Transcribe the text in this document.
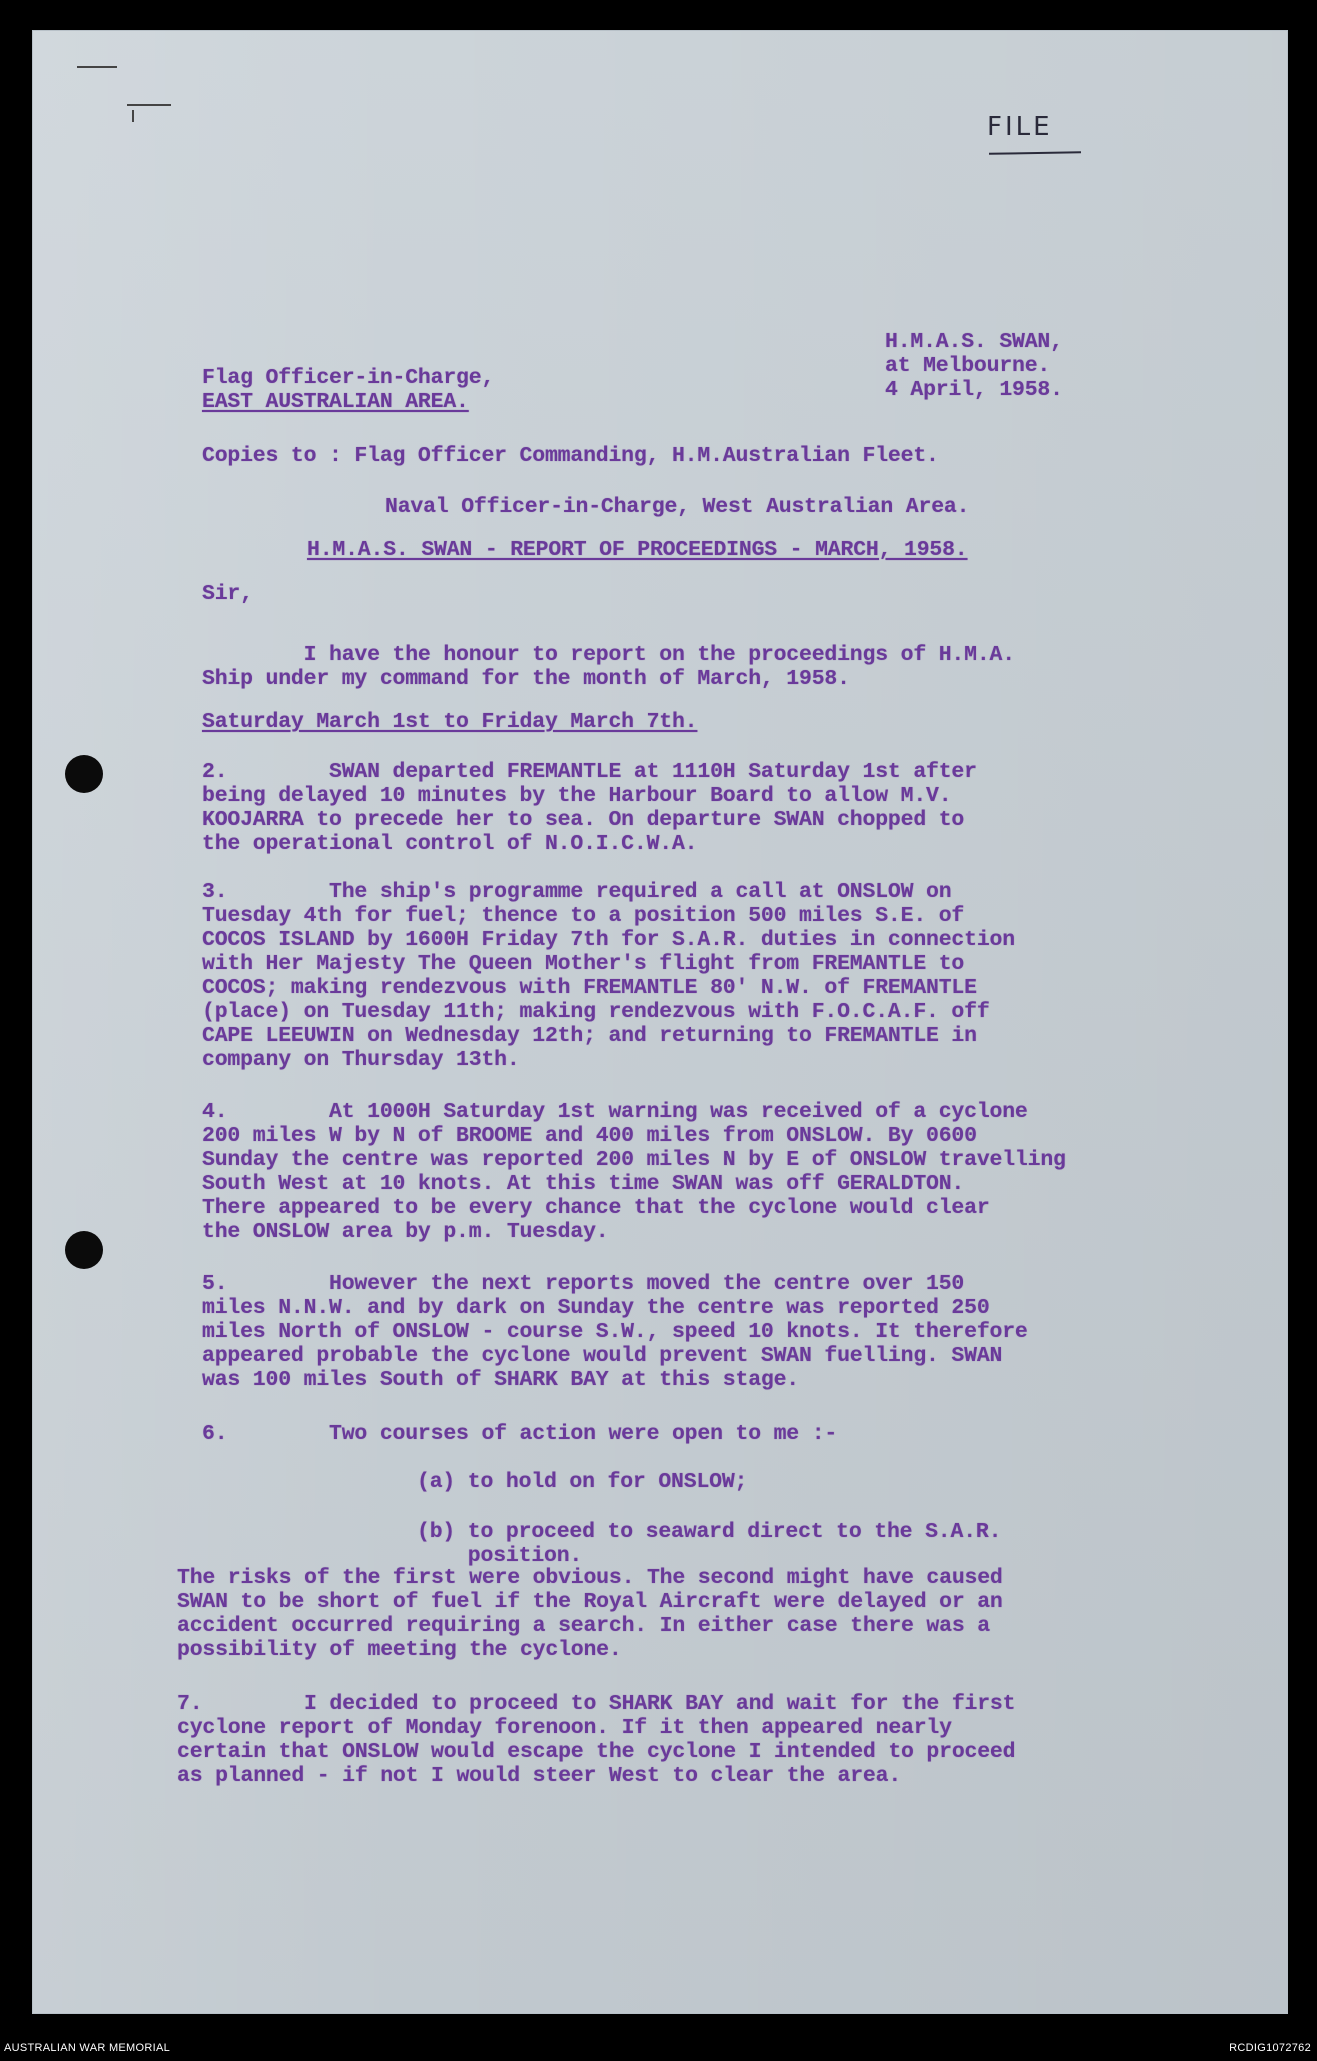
FILE
H.M.A.S. SWAN,
at Melbourne.
4 April, 1958.
Flag Officer-in-Charge,
EAST AUSTRALIAN AREA.
Copies to : Flag Officer Commanding, H.M.Australian Fleet.
Naval Officer-in-Charge, West Australian Area.
H.M.A.S. SWAN - REPORT OF PROCEEDINGS - MARCH, 1958.
Sir,
I have the honour to report on the proceedings of H.M.A.
Ship under my command for the month of March, 1958.
Saturday March 1st to Friday March 7th.
2.        SWAN departed FREMANTLE at 1110H Saturday 1st after
being delayed 10 minutes by the Harbour Board to allow M.V.
KOOJARRA to precede her to sea. On departure SWAN chopped to
the operational control of N.O.I.C.W.A.
3.        The ship's programme required a call at ONSLOW on
Tuesday 4th for fuel; thence to a position 500 miles S.E. of
COCOS ISLAND by 1600H Friday 7th for S.A.R. duties in connection
with Her Majesty The Queen Mother's flight from FREMANTLE to
COCOS; making rendezvous with FREMANTLE 80' N.W. of FREMANTLE
(place) on Tuesday 11th; making rendezvous with F.O.C.A.F. off
CAPE LEEUWIN on Wednesday 12th; and returning to FREMANTLE in
company on Thursday 13th.
4.        At 1000H Saturday 1st warning was received of a cyclone
200 miles W by N of BROOME and 400 miles from ONSLOW. By 0600
Sunday the centre was reported 200 miles N by E of ONSLOW travelling
South West at 10 knots. At this time SWAN was off GERALDTON.
There appeared to be every chance that the cyclone would clear
the ONSLOW area by p.m. Tuesday.
5.        However the next reports moved the centre over 150
miles N.N.W. and by dark on Sunday the centre was reported 250
miles North of ONSLOW - course S.W., speed 10 knots. It therefore
appeared probable the cyclone would prevent SWAN fuelling. SWAN
was 100 miles South of SHARK BAY at this stage.
6.        Two courses of action were open to me :-
(a) to hold on for ONSLOW;
(b) to proceed to seaward direct to the S.A.R.
position.
The risks of the first were obvious. The second might have caused
SWAN to be short of fuel if the Royal Aircraft were delayed or an
accident occurred requiring a search. In either case there was a
possibility of meeting the cyclone.
7.        I decided to proceed to SHARK BAY and wait for the first
cyclone report of Monday forenoon. If it then appeared nearly
certain that ONSLOW would escape the cyclone I intended to proceed
as planned - if not I would steer West to clear the area.
AUSTRALIAN WAR MEMORIAL	RCDIG1072762
